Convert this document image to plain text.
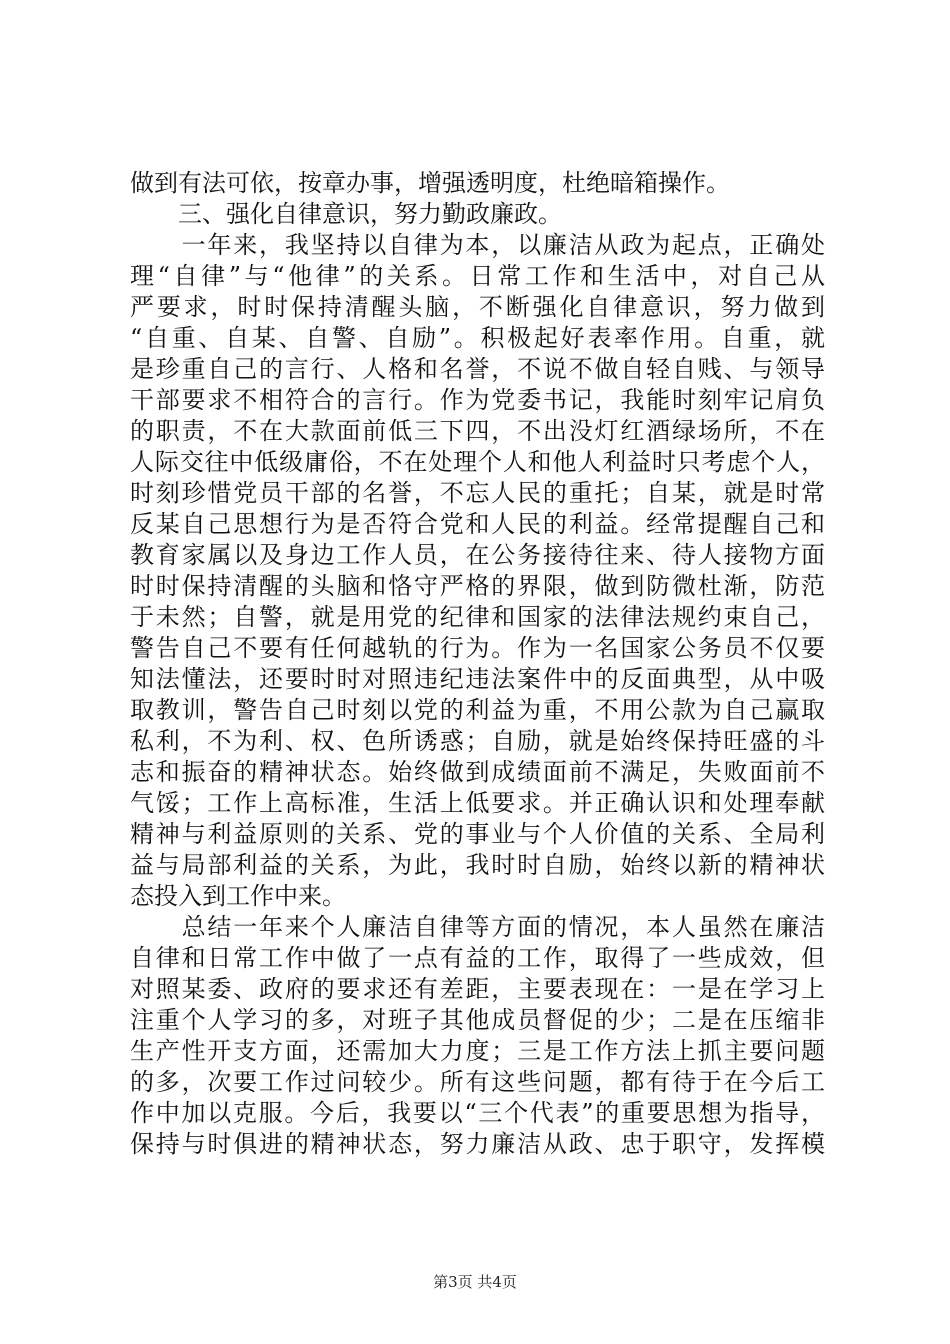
做到有法可依，按章办事，增强透明度，杜绝暗箱操作。
　　三、强化自律意识，努力勤政廉政。
　　一年来，我坚持以自律为本，以廉洁从政为起点，正确处
理“自律”与“他律”的关系。日常工作和生活中，对自己从
严要求，时时保持清醒头脑，不断强化自律意识，努力做到
“自重、自某、自警、自励”。积极起好表率作用。自重，就
是珍重自己的言行、人格和名誉，不说不做自轻自贱、与领导
干部要求不相符合的言行。作为党委书记，我能时刻牢记肩负
的职责，不在大款面前低三下四，不出没灯红酒绿场所，不在
人际交往中低级庸俗，不在处理个人和他人利益时只考虑个人，
时刻珍惜党员干部的名誉，不忘人民的重托；自某，就是时常
反某自己思想行为是否符合党和人民的利益。经常提醒自己和
教育家属以及身边工作人员，在公务接待往来、待人接物方面
时时保持清醒的头脑和恪守严格的界限，做到防微杜渐，防范
于未然；自警，就是用党的纪律和国家的法律法规约束自己，
警告自己不要有任何越轨的行为。作为一名国家公务员不仅要
知法懂法，还要时时对照违纪违法案件中的反面典型，从中吸
取教训，警告自己时刻以党的利益为重，不用公款为自己赢取
私利，不为利、权、色所诱惑；自励，就是始终保持旺盛的斗
志和振奋的精神状态。始终做到成绩面前不满足，失败面前不
气馁；工作上高标准，生活上低要求。并正确认识和处理奉献
精神与利益原则的关系、党的事业与个人价值的关系、全局利
益与局部利益的关系，为此，我时时自励，始终以新的精神状
态投入到工作中来。
　　总结一年来个人廉洁自律等方面的情况，本人虽然在廉洁
自律和日常工作中做了一点有益的工作，取得了一些成效，但
对照某委、政府的要求还有差距，主要表现在：一是在学习上
注重个人学习的多，对班子其他成员督促的少；二是在压缩非
生产性开支方面，还需加大力度；三是工作方法上抓主要问题
的多，次要工作过问较少。所有这些问题，都有待于在今后工
作中加以克服。今后，我要以“三个代表”的重要思想为指导，
保持与时俱进的精神状态，努力廉洁从政、忠于职守，发挥模
第3页 共4页
